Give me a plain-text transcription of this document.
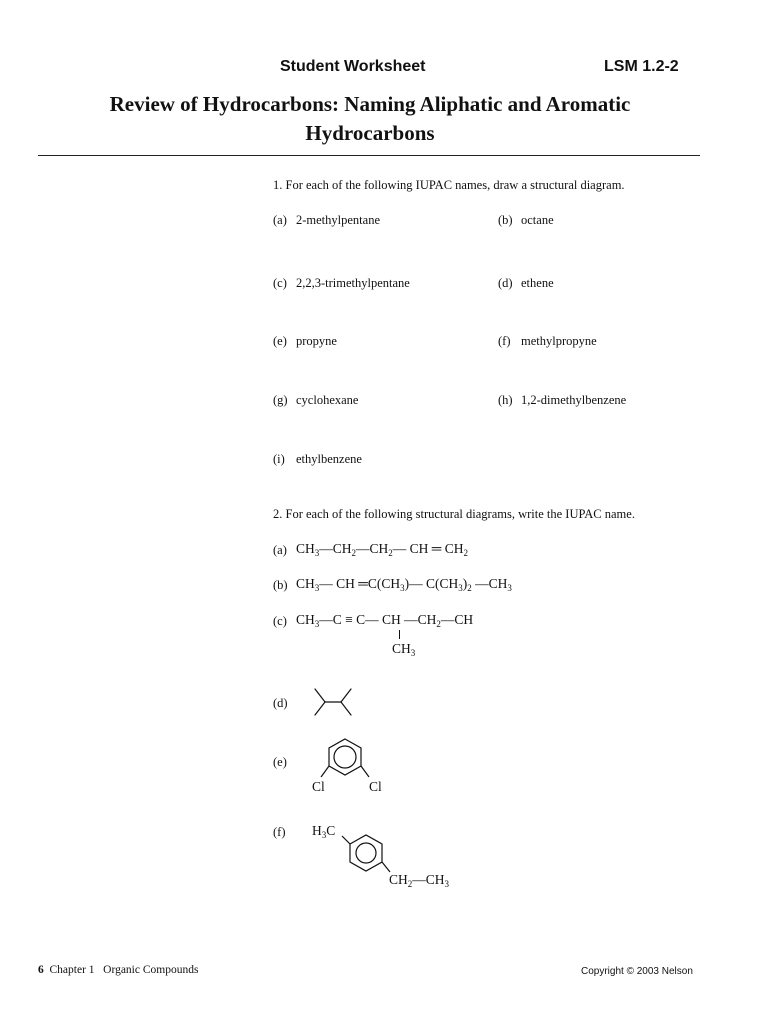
Student Worksheet	LSM 1.2-2
Review of Hydrocarbons: Naming Aliphatic and Aromatic
Hydrocarbons
1. For each of the following IUPAC names, draw a structural diagram.
(a) 2-methylpentane	(b) octane
(c) 2,2,3-trimethylpentane	(d) ethene
(e) propyne	(f) methylpropyne
(g) cyclohexane	(h) 1,2-dimethylbenzene
(i) ethylbenzene
2. For each of the following structural diagrams, write the IUPAC name.
(a) $CH_3—CH_2—CH_2—$ CH ═ $CH_2$
(b) $CH_3—$ CH $═C(CH_3)—$ $C(CH_3)_2$ $—CH_3$
(c) $CH_3—C$ ≡ C— CH $—CH_2—CH$
$CH_3$
(d)
(e)
Cl	Cl
(f) $H_3C$
$CH_2—CH_3$
6 Chapter 1 Organic Compounds	Copyright © 2003 Nelson
